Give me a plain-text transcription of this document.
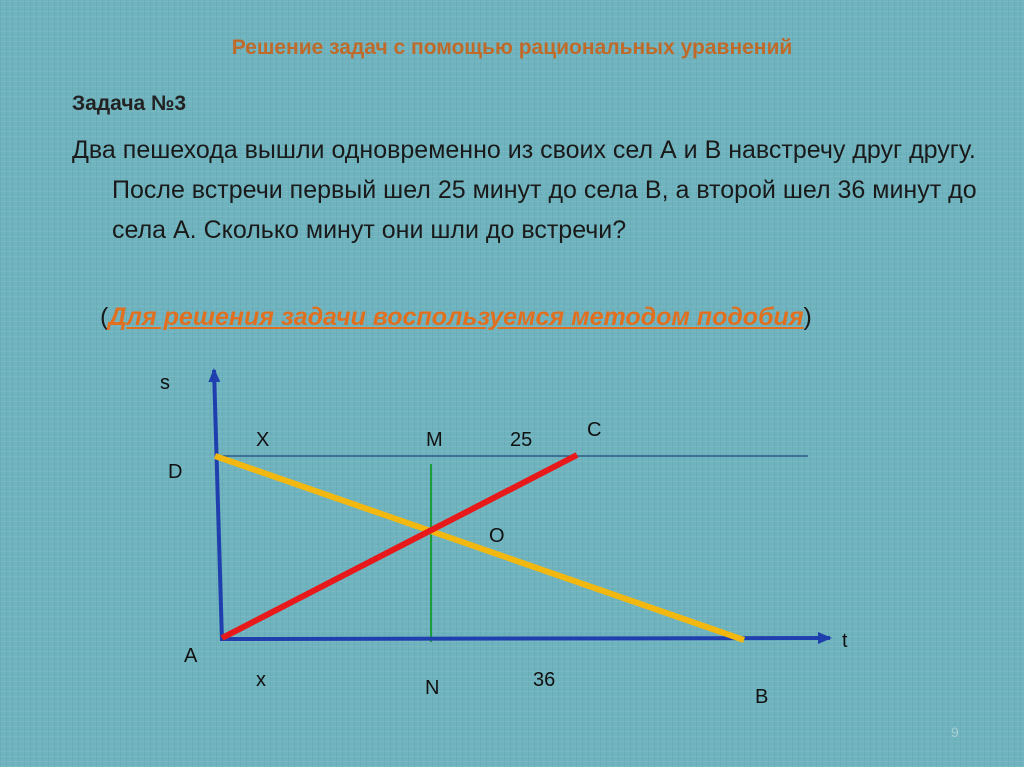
Решение задач с помощью рациональных уравнений
Задача №3

Два пешехода вышли одновременно из своих сел А и В навстречу друг другу. После встречи первый шел 25 минут до села В, а второй шел 36 минут до села А. Сколько минут они шли до встречи?

(Для решения задачи воспользуемся методом подобия)
s
t
D
A
B
C
O
M
N
X
x
25
36
9
